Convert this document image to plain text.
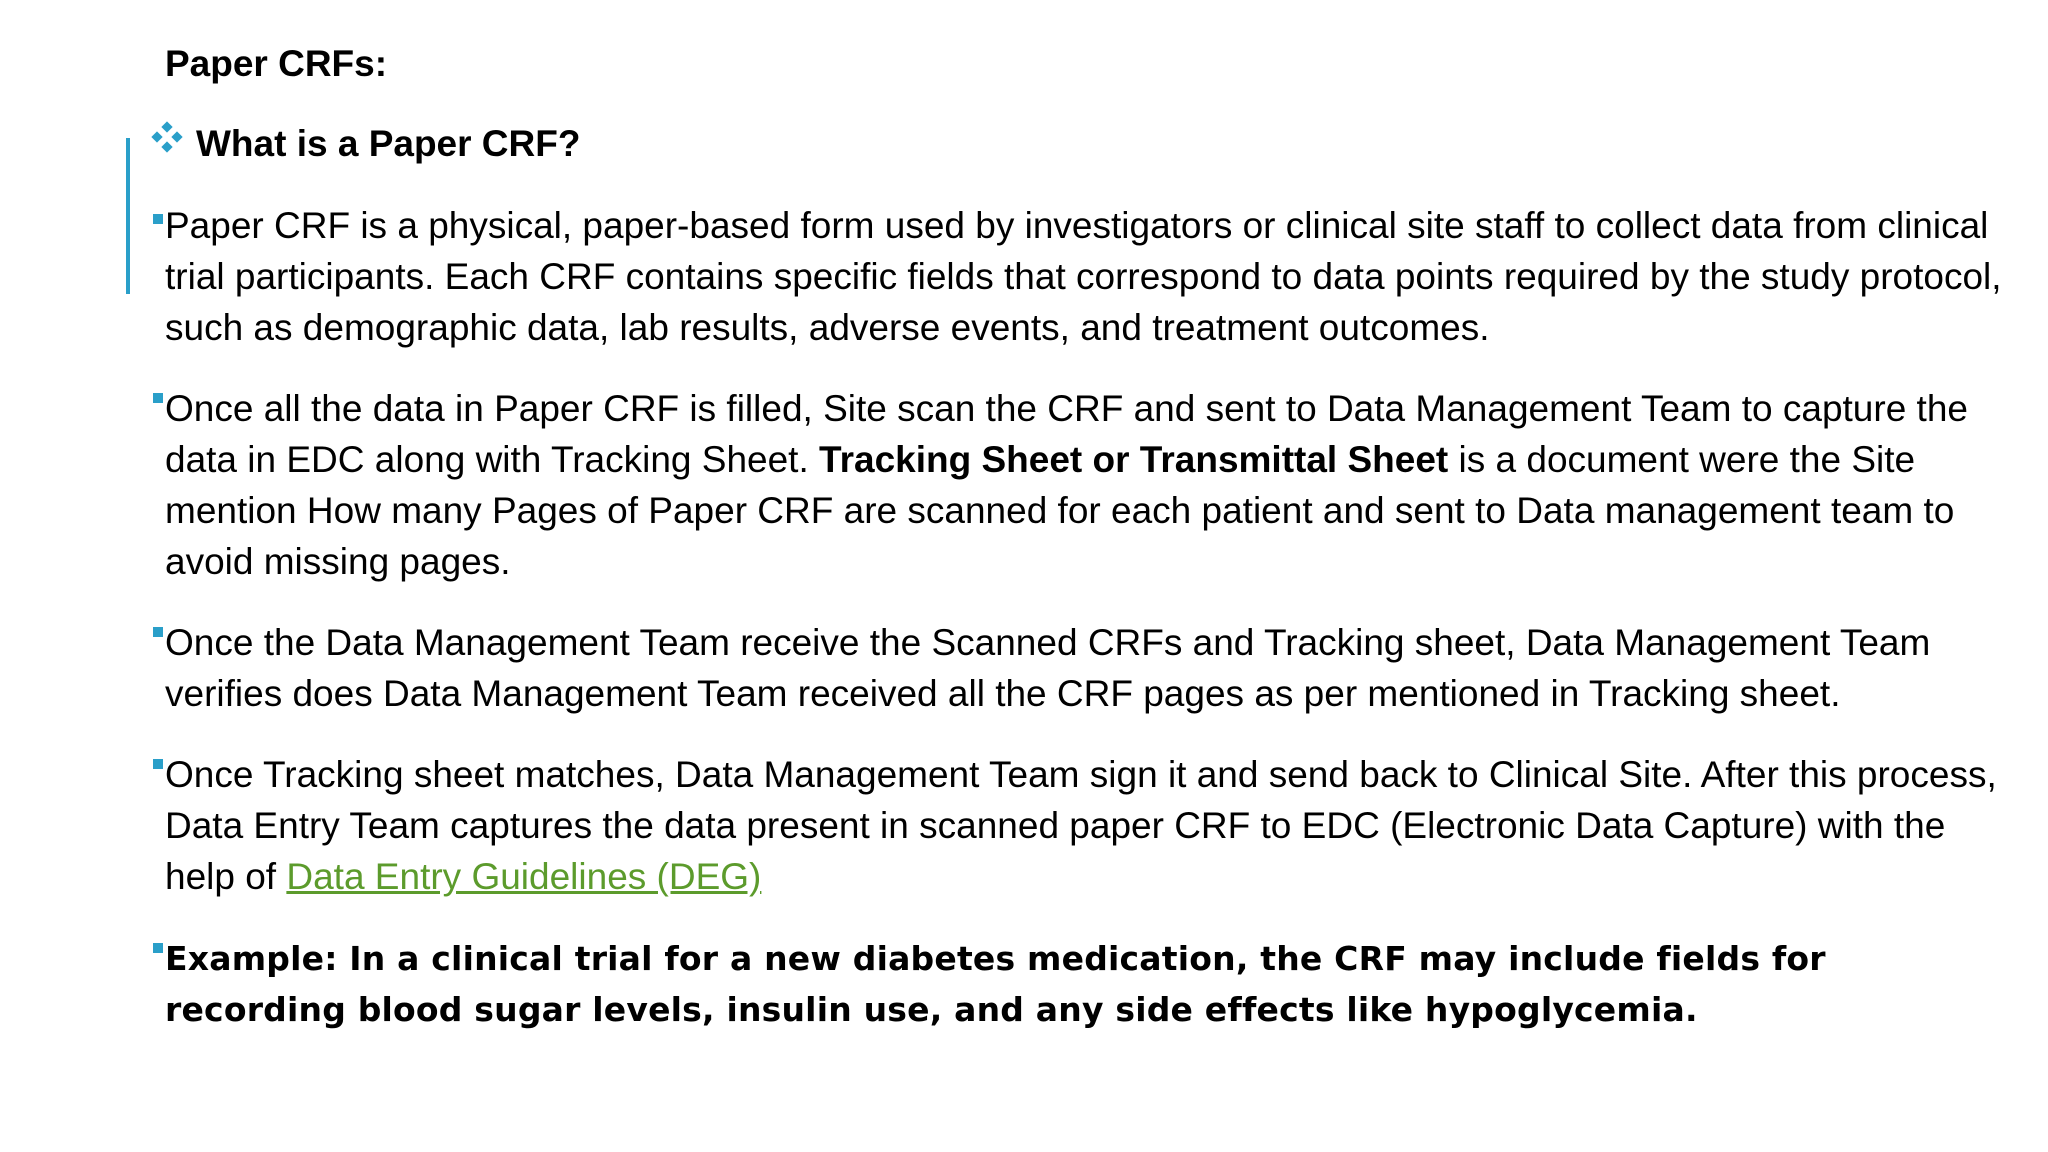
Paper CRFs:
What is a Paper CRF?

Paper CRF is a physical, paper-based form used by investigators or clinical site staff to collect data from clinical trial participants. Each CRF contains specific fields that correspond to data points required by the study protocol, such as demographic data, lab results, adverse events, and treatment outcomes.

Once all the data in Paper CRF is filled, Site scan the CRF and sent to Data Management Team to capture the data in EDC along with Tracking Sheet. Tracking Sheet or Transmittal Sheet is a document were the Site mention How many Pages of Paper CRF are scanned for each patient and sent to Data management team to avoid missing pages.

Once the Data Management Team receive the Scanned CRFs and Tracking sheet, Data Management Team verifies does Data Management Team received all the CRF pages as per mentioned in Tracking sheet.

Once Tracking sheet matches, Data Management Team sign it and send back to Clinical Site. After this process, Data Entry Team captures the data present in scanned paper CRF to EDC (Electronic Data Capture) with the help of Data Entry Guidelines (DEG)

Example: In a clinical trial for a new diabetes medication, the CRF may include fields for recording blood sugar levels, insulin use, and any side effects like hypoglycemia.
